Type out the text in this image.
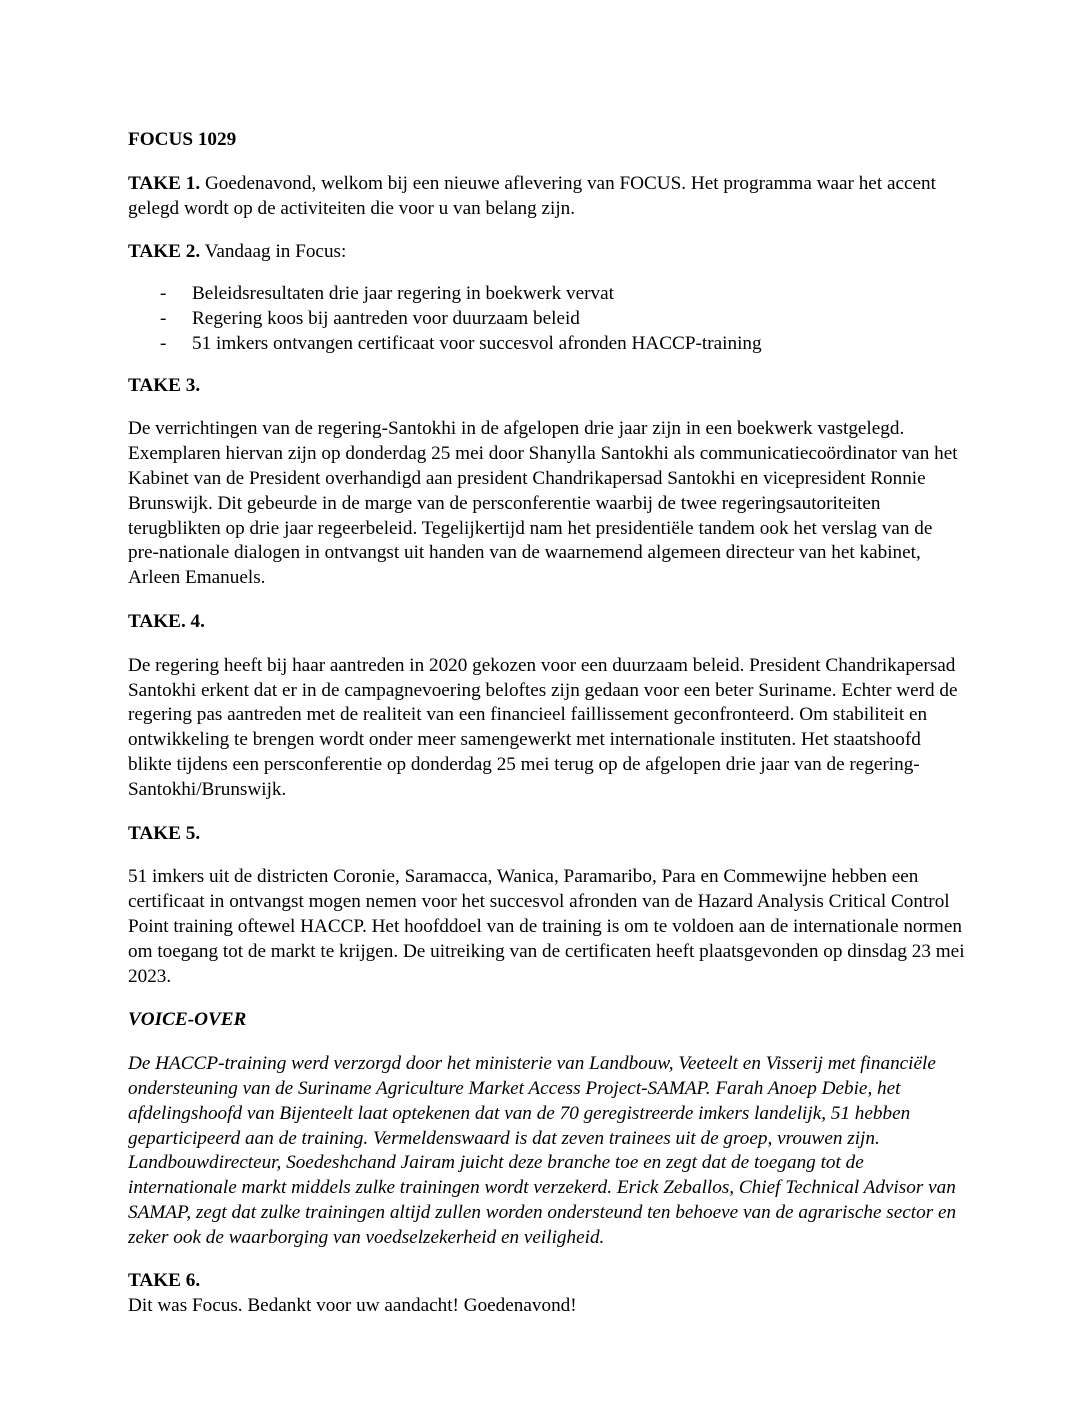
FOCUS 1029

TAKE 1. Goedenavond, welkom bij een nieuwe aflevering van FOCUS. Het programma waar het accent gelegd wordt op de activiteiten die voor u van belang zijn.

TAKE 2. Vandaag in Focus:

- Beleidsresultaten drie jaar regering in boekwerk vervat
- Regering koos bij aantreden voor duurzaam beleid
- 51 imkers ontvangen certificaat voor succesvol afronden HACCP-training
TAKE 3.

De verrichtingen van de regering-Santokhi in de afgelopen drie jaar zijn in een boekwerk vastgelegd. Exemplaren hiervan zijn op donderdag 25 mei door Shanylla Santokhi als communicatiecoördinator van het Kabinet van de President overhandigd aan president Chandrikapersad Santokhi en vicepresident Ronnie Brunswijk. Dit gebeurde in de marge van de persconferentie waarbij de twee regeringsautoriteiten terugblikten op drie jaar regeerbeleid. Tegelijkertijd nam het presidentiële tandem ook het verslag van de pre-nationale dialogen in ontvangst uit handen van de waarnemend algemeen directeur van het kabinet, Arleen Emanuels.

TAKE. 4.

De regering heeft bij haar aantreden in 2020 gekozen voor een duurzaam beleid. President Chandrikapersad Santokhi erkent dat er in de campagnevoering beloftes zijn gedaan voor een beter Suriname. Echter werd de regering pas aantreden met de realiteit van een financieel faillissement geconfronteerd. Om stabiliteit en ontwikkeling te brengen wordt onder meer samengewerkt met internationale instituten. Het staatshoofd blikte tijdens een persconferentie op donderdag 25 mei terug op de afgelopen drie jaar van de regering-Santokhi/Brunswijk.

TAKE 5.

51 imkers uit de districten Coronie, Saramacca, Wanica, Paramaribo, Para en Commewijne hebben een certificaat in ontvangst mogen nemen voor het succesvol afronden van de Hazard Analysis Critical Control Point training oftewel HACCP. Het hoofddoel van de training is om te voldoen aan de internationale normen om toegang tot de markt te krijgen. De uitreiking van de certificaten heeft plaatsgevonden op dinsdag 23 mei 2023.

VOICE-OVER

De HACCP-training werd verzorgd door het ministerie van Landbouw, Veeteelt en Visserij met financiële ondersteuning van de Suriname Agriculture Market Access Project-SAMAP. Farah Anoep Debie, het afdelingshoofd van Bijenteelt laat optekenen dat van de 70 geregistreerde imkers landelijk, 51 hebben geparticipeerd aan de training. Vermeldenswaard is dat zeven trainees uit de groep, vrouwen zijn. Landbouwdirecteur, Soedeshchand Jairam juicht deze branche toe en zegt dat de toegang tot de internationale markt middels zulke trainingen wordt verzekerd. Erick Zeballos, Chief Technical Advisor van SAMAP, zegt dat zulke trainingen altijd zullen worden ondersteund ten behoeve van de agrarische sector en zeker ook de waarborging van voedselzekerheid en veiligheid.

TAKE 6.

Dit was Focus. Bedankt voor uw aandacht! Goedenavond!
